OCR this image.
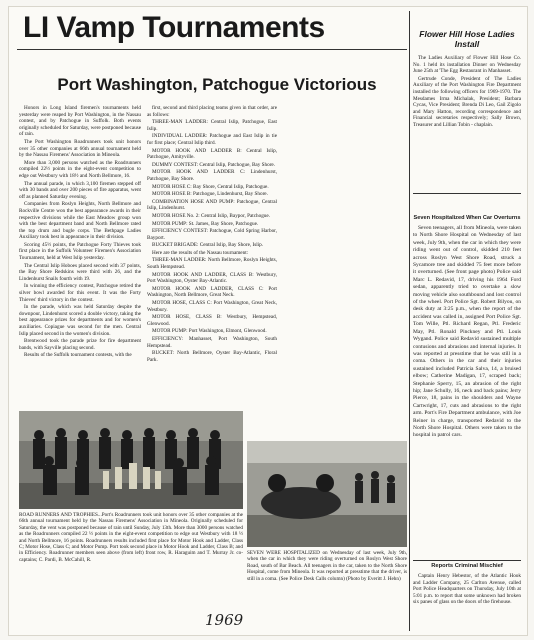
LI Vamp Tournaments
Port Washington, Patchogue Victorious

Honors in Long Island firemen's tournaments held yesterday were reaped by Port Washington, in the Nassau contest, and by Patchogue in Suffolk. Both events originally scheduled for Saturday, were postponed because of rain.

The Port Washington Roadrunners took unit honors over 35 other companies at 66th annual tournament held by the Nassau Firemens' Association in Mineola.

More than 3,000 persons watched as the Roadrunners compiled 22½ points in the eight-event competition to edge out Westbury with 18½ and North Bellmore, 16.

The annual parade, in which 3,100 firemen stepped off with 30 bands and over 200 pieces of fire apparatus, went off as planned Saturday evening.

Companies from Roslyn Heights, North Bellmore and Rockville Centre won the best appearance awards in their respective divisions while the East Meadow group won with the best department band and North Bellmore rated the top drum and bugle corps. The Bethpage Ladies Auxiliary took best in appearance in their division.

Scoring 45½ points, the Patchogue Forty Thieves took first place in the Suffolk Volunteer Firemen's Association Tournament, held at West Islip yesterday.

The Central Islip Hoboes placed second with 37 points, the Bay Shore Redskins were third with 26, and the Lindenhurst Snails fourth with 19.

In winning the efficiency contest, Patchogue retired the silver bowl awarded for this event. It was the Forty Thieves' third victory in the contest.

In the parade, which was held Saturday despite the downpour, Lindenhurst scored a double victory, taking the best appearance prizes for departments and for women's auxiliaries. Copiague was second for the men. Central Islip placed second in the women's division.

Brentwood took the parade prize for fire department bands, with Sayville placing second.

Results of the Suffolk tournament contests, with the

first, second and third placing teams given in that order, are as follows:

THREE-MAN LADDER: Central Islip, Patchogue, East Islip.

INDIVIDUAL LADDER: Patchogue and East Islip in tie for first place; Central Islip third.

MOTOR HOOK AND LADDER B: Central Islip, Patchogue, Amityville.

DUMMY CONTEST: Central Islip, Patchogue, Bay Shore.

MOTOR HOOK AND LADDER C: Lindenhurst, Patchogue, Bay Shore.

MOTOR HOSE C: Bay Shore, Central Islip, Patchogue.

MOTOR HOSE B: Patchogue, Lindenhurst, Bay Shore.

COMBINATION HOSE AND PUMP: Patchogue, Central Islip, Lindenhurst.

MOTOR HOSE No. 2: Central Islip, Baypor, Patchogue.

MOTOR PUMP: St. James, Bay Shore, Patchogue.

EFFICIENCY CONTEST: Patchogue, Cold Spring Harbor, Bayport.

BUCKET BRIGADE: Central Islip, Bay Shore, Islip.

Here are the results of the Nassau tournament:

THREE-MAN LADDER: North Bellmore, Roslyn Heights, South Hempstead.

MOTOR HOOK AND LADDER, CLASS B: Westbury, Port Washington, Oyster Bay-Atlantic.

MOTOR HOOK AND LADDER, CLASS C: Port Washington, North Bellmore, Great Neck.

MOTOR HOSE, CLASS C: Port Washington, Great Neck, Westbury.

MOTOR HOSE, CLASS B: Westbury, Hempstead, Glenwood.

MOTOR PUMP: Port Washington, Elmont, Glenwood.

EFFICIENCY: Manhasset, Port Washington, South Hempstead.

BUCKET: North Bellmore, Oyster Bay-Atlantic, Floral Park.

Flower Hill Hose Ladies Install

The Ladies Auxiliary of Flower Hill Hose Co. No. 1 held its installation Dinner on Wednesday June 25th at 'The Egg Restaurant in Manhasset.

Gertrude Conde, President of The Ladies Auxiliary of the Port Washington Fire Department installed the following officers for 1969-1970. The Mesdames Irma Michalak, President; Barbara Cycas, Vice President; Brenda Di Leo, Gail Zigolo and Mary Hatton, recording correspondence and Financial secretaries respectively; Sally Brown, Treasurer and Lillian Tobin - chaplain.

Seven Hospitalized When Car Overturns

Seven teenagers, all from Mineola, were taken to North Shore Hospital on Wednesday of last week, July 9th, when the car in which they were riding went out of control, skidded 210 feet across Roslyn West Shore Road, struck a Sycamore tree and skidded 75 feet more before it overturned. (See front page photo) Police said Marc L. Redavid, 17, driving his 1964 Ford sedan, apparently tried to overtake a slow moving vehicle also southbound and lost control of the wheel. Port Police Sgt. Robert Bilyou, on desk duty at 3:25 p.m., when the report of the accident was called in, assigned Port Police Sgt. Tom Wille, Ptl. Richard Regan, Ptl. Frederic May, Ptl. Ronald Pinckney and Ptl. Louis Wygand. Police said Redavid sustained multiple contusions and abrasions and internal injuries. It was reported at presstime that he was still in a coma. Others in the car and their injuries sustained included Patricia Salva, 14, a bruised elbow; Catherine Madigan, 17, scraped back; Stephanie Sperry, 15, an abrasion of the right hip; Jane Schully, 16, neck and back pains; Jerry Pierce, 18, pains in the shoulders and Wayne Cartwright, 17, cuts and abrasions to the right arm. Port's Fire Department ambulance, with Joe Reiner in charge, transported Redavid to the North Shore Hospital. Others were taken to the hospital in patrol cars.

Reports Criminal Mischief

Captain Henry Hebestor, of the Atlantic Hook and Ladder Company, 25 Carlton Avenue, called Port Police Headquarters on Thursday, July 10th at 5:01 p.m. to report that some unknown had broken six panes of glass on the doors of the firehouse.

ROAD RUNNERS AND TROPHIES...Port's Roadrunners took unit honors over 35 other companies at the 66th annual tournament held by the Nassau Firemens' Association in Mineola. Originally scheduled for Saturday, the vent was postponed because of rain until Sunday, July 13th. More than 3000 persons watched as the Roadrunners compiled 22 ½ points in the eight-event competition to edge out Westbury with 18 ½ and North Bellmore, 16 points. Roadrunners results included first place for Motor Hook and Ladder, Class C; Motor Hose, Class C; and Motor Pump. Port took second place in Motor Hook and Ladder, Class B; and in Efficiency. Roadrunner members seen above (from left) front row, R. Haraguim and T. Murray Jr. co-captains; C. Pardi, B. McCahill, R.
SEVEN WERE HOSPITALIZED on Wednesday of last week, July 9th, when the car in which they were riding overturned on Roslyn West Shore Road, south of Bar Beach. All teenagers in the car, taken to the North Shore Hospital, come from Mineola. It was reported at presstime that the driver, is still in a coma. (See Police Desk Calls column) (Photo by Everitt J. Hehn)
1969
